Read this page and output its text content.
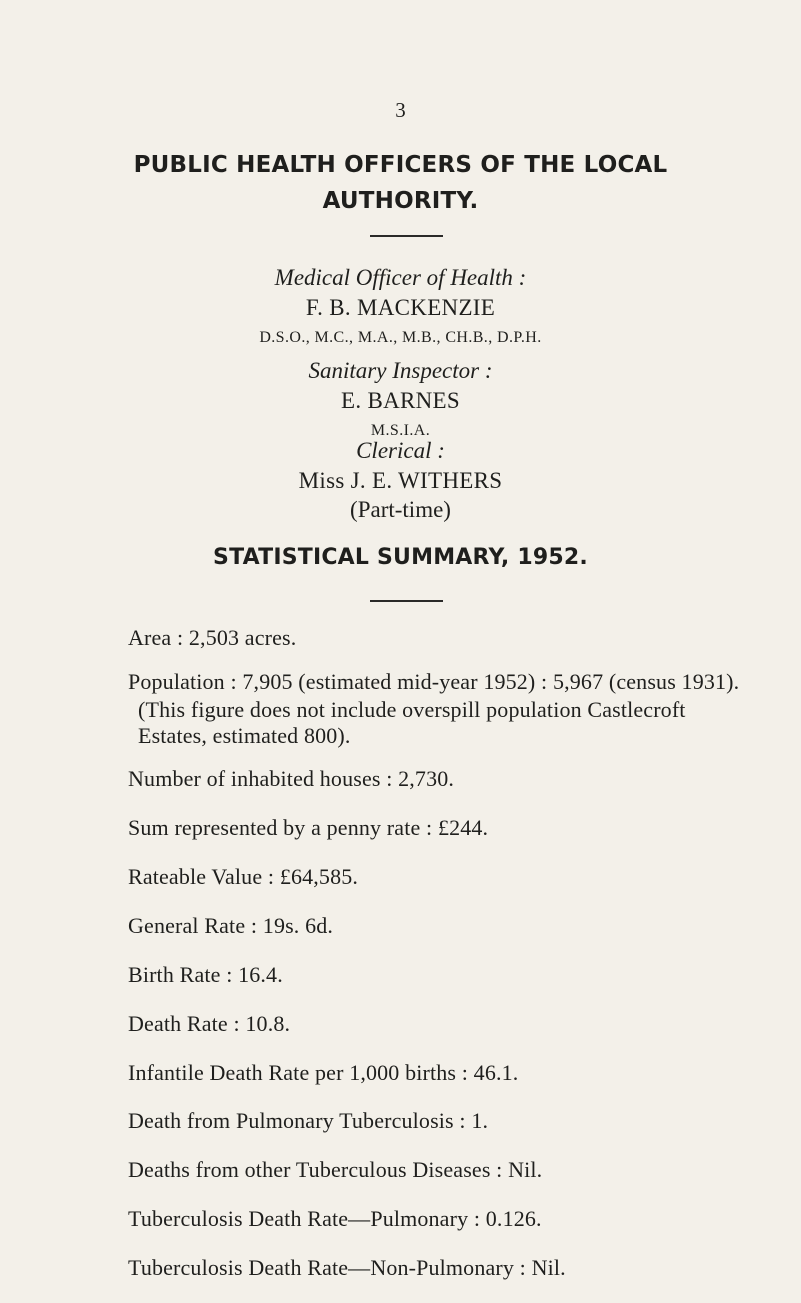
3
PUBLIC HEALTH OFFICERS OF THE LOCAL
AUTHORITY.
Medical Officer of Health :
F. B. MACKENZIE
D.S.O., M.C., M.A., M.B., CH.B., D.P.H.
Sanitary Inspector :
E. BARNES
M.S.I.A.
Clerical :
Miss J. E. WITHERS
(Part-time)
STATISTICAL SUMMARY, 1952.
Area : 2,503 acres.
Population : 7,905 (estimated mid-year 1952) : 5,967 (census 1931).
(This figure does not include overspill population Castlecroft
Estates, estimated 800).
Number of inhabited houses : 2,730.
Sum represented by a penny rate : £244.
Rateable Value : £64,585.
General Rate : 19s. 6d.
Birth Rate : 16.4.
Death Rate : 10.8.
Infantile Death Rate per 1,000 births : 46.1.
Death from Pulmonary Tuberculosis : 1.
Deaths from other Tuberculous Diseases : Nil.
Tuberculosis Death Rate—Pulmonary : 0.126.
Tuberculosis Death Rate—Non-Pulmonary : Nil.
